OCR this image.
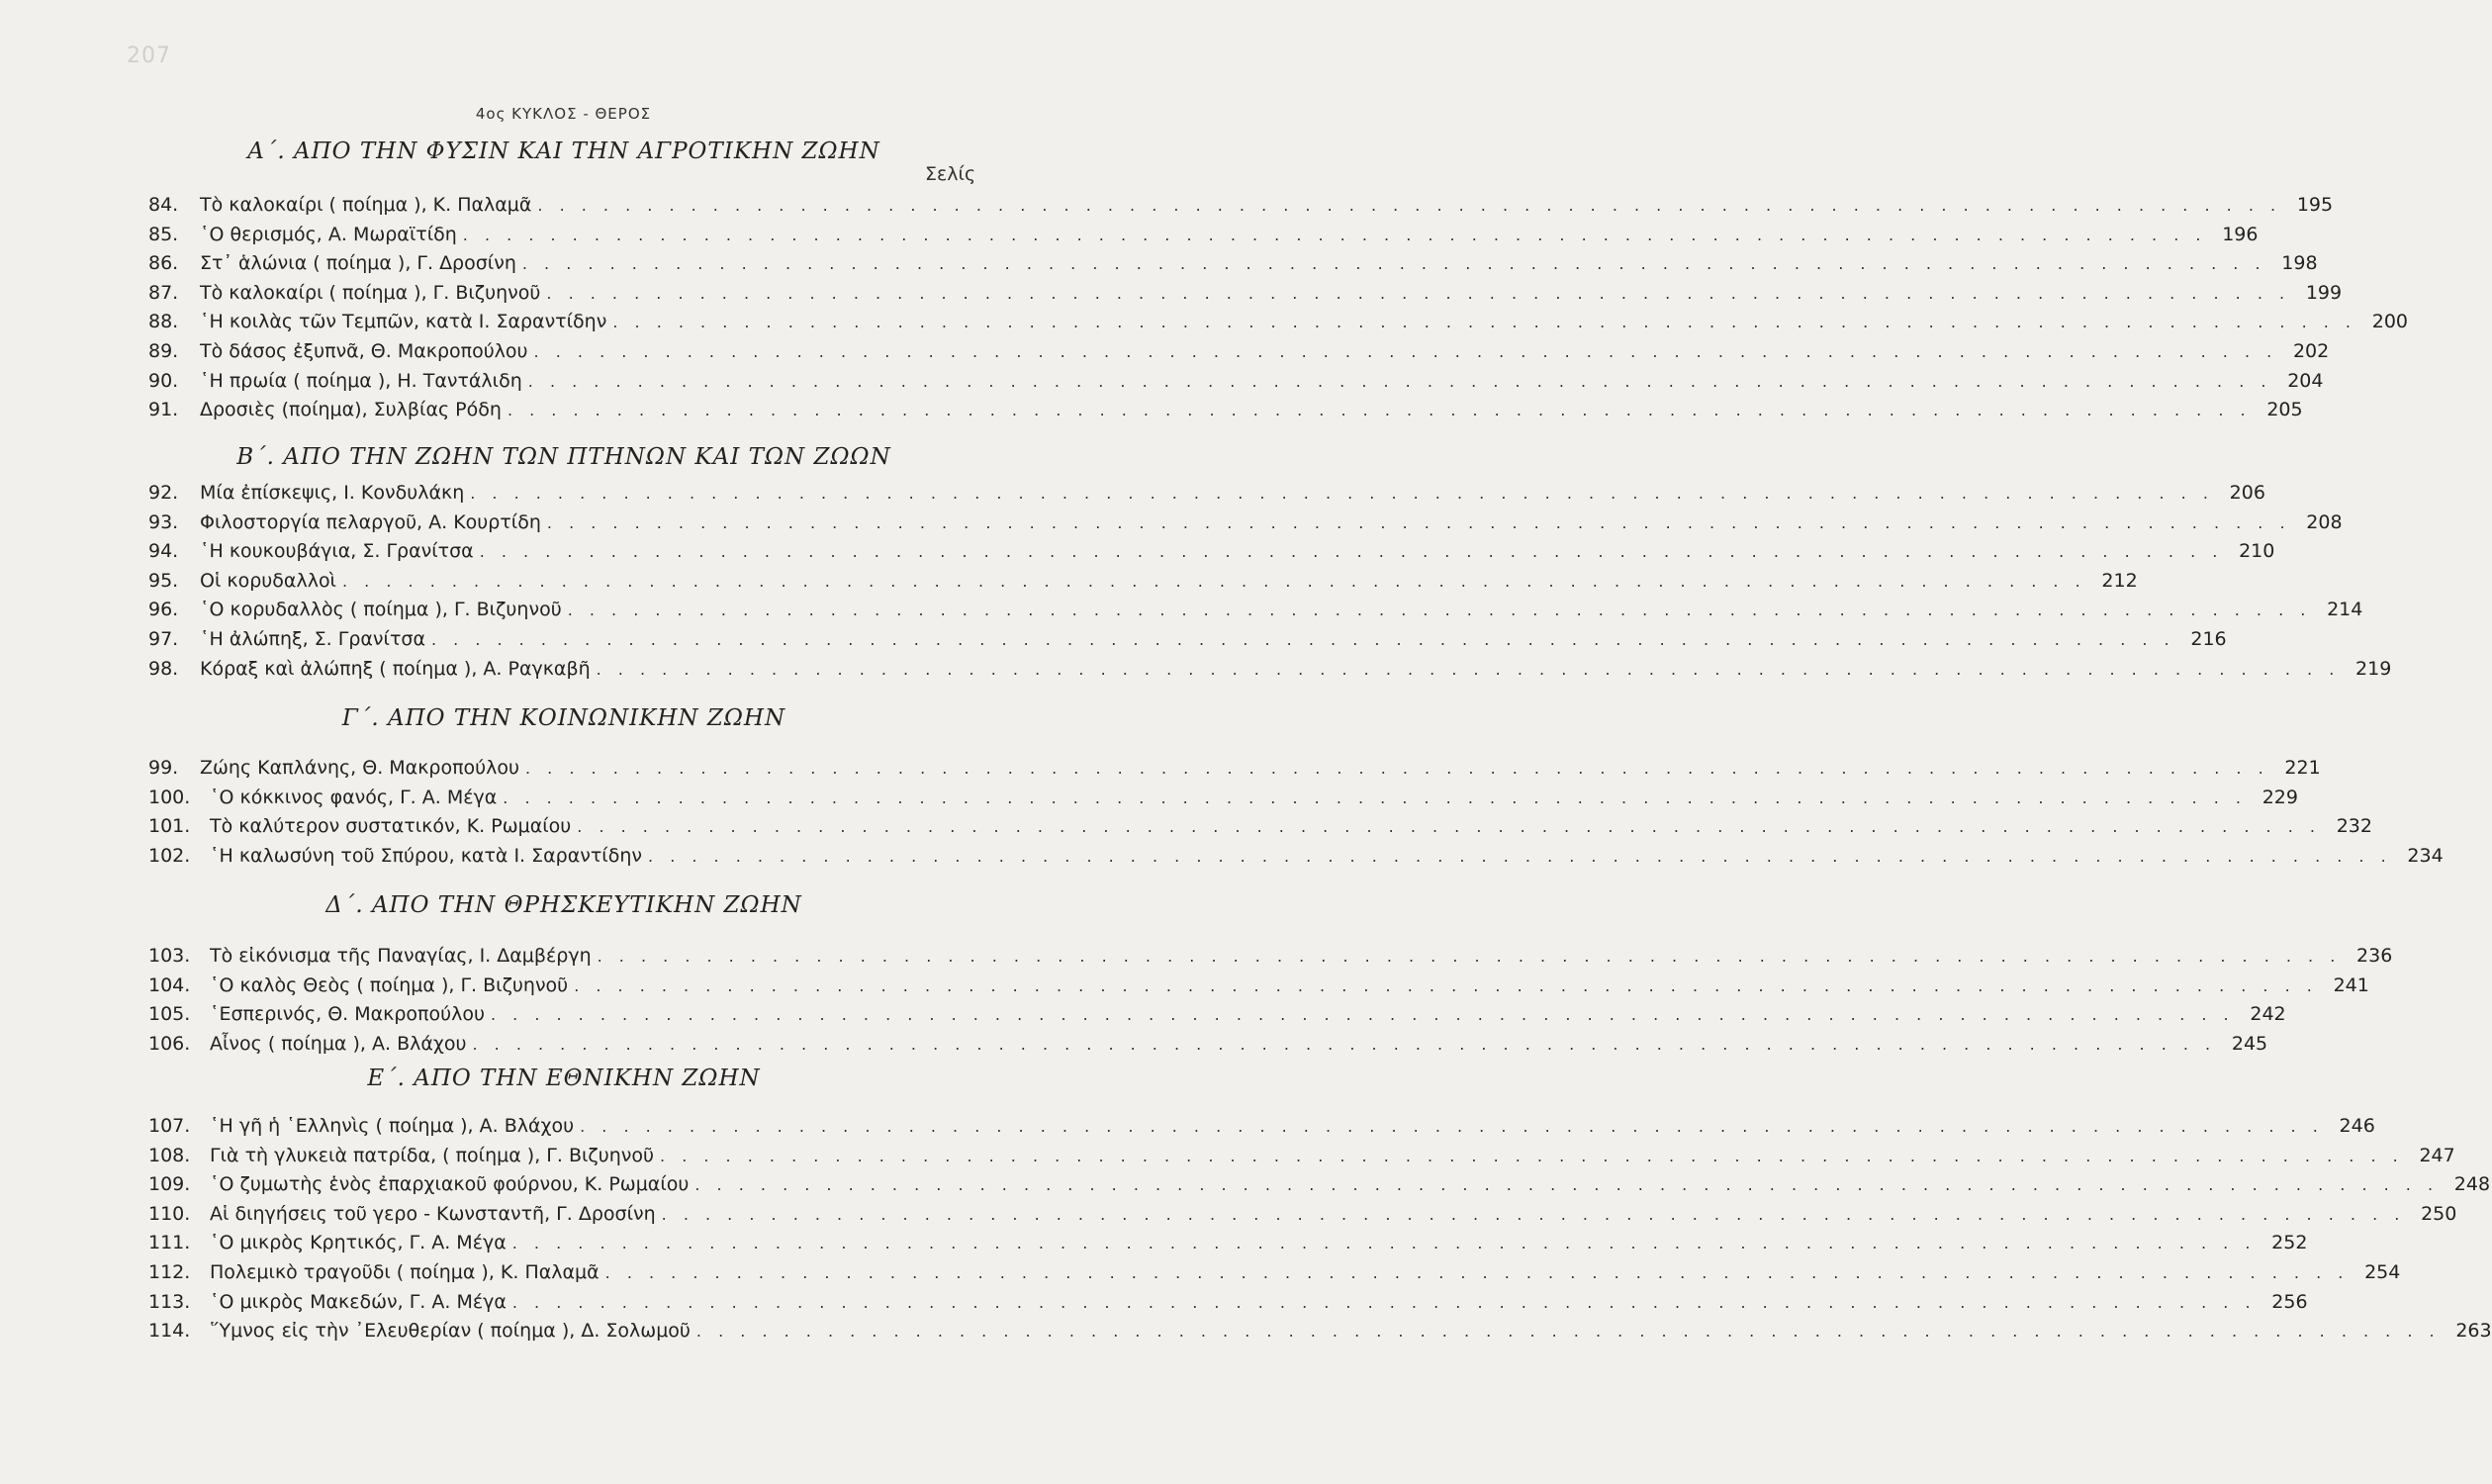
207
4ος ΚΥΚΛΟΣ - ΘΕΡΟΣ
Σελίς
Α΄. ΑΠΟ ΤΗΝ ΦΥΣΙΝ ΚΑΙ ΤΗΝ ΑΓΡΟΤΙΚΗΝ ΖΩΗΝ
84.	Τὸ καλοκαίρι ( ποίημα ), Κ. Παλαμᾶ . . . . . . . . . . . . . . . . . . . . . . . . . . . . . . . . . . . . . . . . . . . . . . . . . . . . . . . . . . . . . . . . . . . . . . . . . . . . . . . . 195
85.	῾Ο θερισμός, Α. Μωραϊτίδη . . . . . . . . . . . . . . . . . . . . . . . . . . . . . . . . . . . . . . . . . . . . . . . . . . . . . . . . . . . . . . . . . . . . . . . . . . . . . . . . 196
86.	Στ᾿ ἁλώνια ( ποίημα ), Γ. Δροσίνη . . . . . . . . . . . . . . . . . . . . . . . . . . . . . . . . . . . . . . . . . . . . . . . . . . . . . . . . . . . . . . . . . . . . . . . . . . . . . . . . 198
87.	Τὸ καλοκαίρι ( ποίημα ), Γ. Βιζυηνοῦ . . . . . . . . . . . . . . . . . . . . . . . . . . . . . . . . . . . . . . . . . . . . . . . . . . . . . . . . . . . . . . . . . . . . . . . . . . . . . . . . 199
88.	῾Η κοιλὰς τῶν Τεμπῶν, κατὰ Ι. Σαραντίδην . . . . . . . . . . . . . . . . . . . . . . . . . . . . . . . . . . . . . . . . . . . . . . . . . . . . . . . . . . . . . . . . . . . . . . . . . . . . . . . . 200
89.	Τὸ δάσος ἐξυπνᾶ, Θ. Μακροπούλου . . . . . . . . . . . . . . . . . . . . . . . . . . . . . . . . . . . . . . . . . . . . . . . . . . . . . . . . . . . . . . . . . . . . . . . . . . . . . . . . 202
90.	῾Η πρωία ( ποίημα ), Η. Ταντάλιδη . . . . . . . . . . . . . . . . . . . . . . . . . . . . . . . . . . . . . . . . . . . . . . . . . . . . . . . . . . . . . . . . . . . . . . . . . . . . . . . . 204
91.	Δροσιὲς (ποίημα), Συλβίας Ρόδη . . . . . . . . . . . . . . . . . . . . . . . . . . . . . . . . . . . . . . . . . . . . . . . . . . . . . . . . . . . . . . . . . . . . . . . . . . . . . . . . 205
Β΄. ΑΠΟ ΤΗΝ ΖΩΗΝ ΤΩΝ ΠΤΗΝΩΝ ΚΑΙ ΤΩΝ ΖΩΩΝ
92.	Μία ἐπίσκεψις, Ι. Κονδυλάκη . . . . . . . . . . . . . . . . . . . . . . . . . . . . . . . . . . . . . . . . . . . . . . . . . . . . . . . . . . . . . . . . . . . . . . . . . . . . . . . . 206
93.	Φιλοστοργία πελαργοῦ, Α. Κουρτίδη . . . . . . . . . . . . . . . . . . . . . . . . . . . . . . . . . . . . . . . . . . . . . . . . . . . . . . . . . . . . . . . . . . . . . . . . . . . . . . . . 208
94.	῾Η κουκουβάγια, Σ. Γρανίτσα . . . . . . . . . . . . . . . . . . . . . . . . . . . . . . . . . . . . . . . . . . . . . . . . . . . . . . . . . . . . . . . . . . . . . . . . . . . . . . . . 210
95.	Οἱ κορυδαλλοὶ . . . . . . . . . . . . . . . . . . . . . . . . . . . . . . . . . . . . . . . . . . . . . . . . . . . . . . . . . . . . . . . . . . . . . . . . . . . . . . . . 212
96.	῾Ο κορυδαλλὸς ( ποίημα ), Γ. Βιζυηνοῦ . . . . . . . . . . . . . . . . . . . . . . . . . . . . . . . . . . . . . . . . . . . . . . . . . . . . . . . . . . . . . . . . . . . . . . . . . . . . . . . . 214
97.	῾Η ἀλώπηξ, Σ. Γρανίτσα . . . . . . . . . . . . . . . . . . . . . . . . . . . . . . . . . . . . . . . . . . . . . . . . . . . . . . . . . . . . . . . . . . . . . . . . . . . . . . . . 216
98.	Κόραξ καὶ ἀλώπηξ ( ποίημα ), Α. Ραγκαβῆ . . . . . . . . . . . . . . . . . . . . . . . . . . . . . . . . . . . . . . . . . . . . . . . . . . . . . . . . . . . . . . . . . . . . . . . . . . . . . . . . 219
Γ΄. ΑΠΟ ΤΗΝ ΚΟΙΝΩΝΙΚΗΝ ΖΩΗΝ
99.	Ζώης Καπλάνης, Θ. Μακροπούλου . . . . . . . . . . . . . . . . . . . . . . . . . . . . . . . . . . . . . . . . . . . . . . . . . . . . . . . . . . . . . . . . . . . . . . . . . . . . . . . . 221
100.	῾Ο κόκκινος φανός, Γ. Α. Μέγα . . . . . . . . . . . . . . . . . . . . . . . . . . . . . . . . . . . . . . . . . . . . . . . . . . . . . . . . . . . . . . . . . . . . . . . . . . . . . . . . 229
101.	Τὸ καλύτερον συστατικόν, Κ. Ρωμαίου . . . . . . . . . . . . . . . . . . . . . . . . . . . . . . . . . . . . . . . . . . . . . . . . . . . . . . . . . . . . . . . . . . . . . . . . . . . . . . . . 232
102.	῾Η καλωσύνη τοῦ Σπύρου, κατὰ Ι. Σαραντίδην . . . . . . . . . . . . . . . . . . . . . . . . . . . . . . . . . . . . . . . . . . . . . . . . . . . . . . . . . . . . . . . . . . . . . . . . . . . . . . . . 234
Δ΄. ΑΠΟ ΤΗΝ ΘΡΗΣΚΕΥΤΙΚΗΝ ΖΩΗΝ
103.	Τὸ εἰκόνισμα τῆς Παναγίας, Ι. Δαμβέργη . . . . . . . . . . . . . . . . . . . . . . . . . . . . . . . . . . . . . . . . . . . . . . . . . . . . . . . . . . . . . . . . . . . . . . . . . . . . . . . . 236
104.	῾Ο καλὸς Θεὸς ( ποίημα ), Γ. Βιζυηνοῦ . . . . . . . . . . . . . . . . . . . . . . . . . . . . . . . . . . . . . . . . . . . . . . . . . . . . . . . . . . . . . . . . . . . . . . . . . . . . . . . . 241
105.	῾Εσπερινός, Θ. Μακροπούλου . . . . . . . . . . . . . . . . . . . . . . . . . . . . . . . . . . . . . . . . . . . . . . . . . . . . . . . . . . . . . . . . . . . . . . . . . . . . . . . . 242
106.	Αἶνος ( ποίημα ), Α. Βλάχου . . . . . . . . . . . . . . . . . . . . . . . . . . . . . . . . . . . . . . . . . . . . . . . . . . . . . . . . . . . . . . . . . . . . . . . . . . . . . . . . 245
Ε΄. ΑΠΟ ΤΗΝ ΕΘΝΙΚΗΝ ΖΩΗΝ
107.	῾Η γῆ ἡ ῾Ελληνὶς ( ποίημα ), Α. Βλάχου . . . . . . . . . . . . . . . . . . . . . . . . . . . . . . . . . . . . . . . . . . . . . . . . . . . . . . . . . . . . . . . . . . . . . . . . . . . . . . . . 246
108.	Γιὰ τὴ γλυκειὰ πατρίδα, ( ποίημα ), Γ. Βιζυηνοῦ . . . . . . . . . . . . . . . . . . . . . . . . . . . . . . . . . . . . . . . . . . . . . . . . . . . . . . . . . . . . . . . . . . . . . . . . . . . . . . . . 247
109.	῾Ο ζυμωτὴς ἑνὸς ἐπαρχιακοῦ φούρνου, Κ. Ρωμαίου . . . . . . . . . . . . . . . . . . . . . . . . . . . . . . . . . . . . . . . . . . . . . . . . . . . . . . . . . . . . . . . . . . . . . . . . . . . . . . . . 248
110.	Αἱ διηγήσεις τοῦ γερο - Κωνσταντῆ, Γ. Δροσίνη . . . . . . . . . . . . . . . . . . . . . . . . . . . . . . . . . . . . . . . . . . . . . . . . . . . . . . . . . . . . . . . . . . . . . . . . . . . . . . . . 250
111.	῾Ο μικρὸς Κρητικός, Γ. Α. Μέγα . . . . . . . . . . . . . . . . . . . . . . . . . . . . . . . . . . . . . . . . . . . . . . . . . . . . . . . . . . . . . . . . . . . . . . . . . . . . . . . . 252
112.	Πολεμικὸ τραγοῦδι ( ποίημα ), Κ. Παλαμᾶ . . . . . . . . . . . . . . . . . . . . . . . . . . . . . . . . . . . . . . . . . . . . . . . . . . . . . . . . . . . . . . . . . . . . . . . . . . . . . . . . 254
113.	῾Ο μικρὸς Μακεδών, Γ. Α. Μέγα . . . . . . . . . . . . . . . . . . . . . . . . . . . . . . . . . . . . . . . . . . . . . . . . . . . . . . . . . . . . . . . . . . . . . . . . . . . . . . . . 256
114.	῞Υμνος εἰς τὴν ᾿Ελευθερίαν ( ποίημα ), Δ. Σολωμοῦ . . . . . . . . . . . . . . . . . . . . . . . . . . . . . . . . . . . . . . . . . . . . . . . . . . . . . . . . . . . . . . . . . . . . . . . . . . . . . . . . 263
